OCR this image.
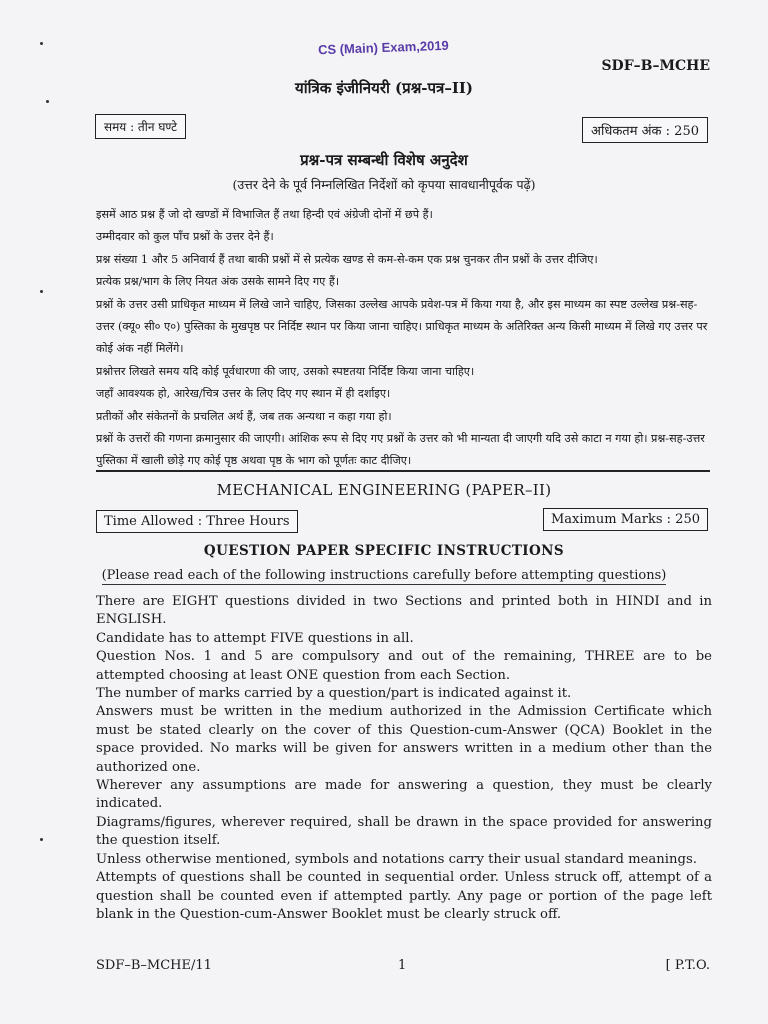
CS (Main) Exam,2019
SDF–B–MCHE
यांत्रिक इंजीनियरी (प्रश्न-पत्र–II)
समय : तीन घण्टे	अधिकतम अंक : 250
प्रश्न-पत्र सम्बन्धी विशेष अनुदेश
(उत्तर देने के पूर्व निम्नलिखित निर्देशों को कृपया सावधानीपूर्वक पढ़ें)

इसमें आठ प्रश्न हैं जो दो खण्डों में विभाजित हैं तथा हिन्दी एवं अंग्रेजी दोनों में छपे हैं।

उम्मीदवार को कुल पाँच प्रश्नों के उत्तर देने हैं।

प्रश्न संख्या 1 और 5 अनिवार्य हैं तथा बाकी प्रश्नों में से प्रत्येक खण्ड से कम-से-कम एक प्रश्न चुनकर तीन प्रश्नों के उत्तर दीजिए।

प्रत्येक प्रश्न/भाग के लिए नियत अंक उसके सामने दिए गए हैं।

प्रश्नों के उत्तर उसी प्राधिकृत माध्यम में लिखे जाने चाहिए, जिसका उल्लेख आपके प्रवेश-पत्र में किया गया है, और इस माध्यम का स्पष्ट उल्लेख प्रश्न-सह-उत्तर (क्यू० सी० ए०) पुस्तिका के मुखपृष्ठ पर निर्दिष्ट स्थान पर किया जाना चाहिए। प्राधिकृत माध्यम के अतिरिक्त अन्य किसी माध्यम में लिखे गए उत्तर पर कोई अंक नहीं मिलेंगे।

प्रश्नोत्तर लिखते समय यदि कोई पूर्वधारणा की जाए, उसको स्पष्टतया निर्दिष्ट किया जाना चाहिए।

जहाँ आवश्यक हो, आरेख/चित्र उत्तर के लिए दिए गए स्थान में ही दर्शाइए।

प्रतीकों और संकेतनों के प्रचलित अर्थ हैं, जब तक अन्यथा न कहा गया हो।

प्रश्नों के उत्तरों की गणना क्रमानुसार की जाएगी। आंशिक रूप से दिए गए प्रश्नों के उत्तर को भी मान्यता दी जाएगी यदि उसे काटा न गया हो। प्रश्न-सह-उत्तर पुस्तिका में खाली छोड़े गए कोई पृष्ठ अथवा पृष्ठ के भाग को पूर्णतः काट दीजिए।

MECHANICAL ENGINEERING (PAPER–II)
Time Allowed : Three Hours	Maximum Marks : 250
QUESTION PAPER SPECIFIC INSTRUCTIONS
(Please read each of the following instructions carefully before attempting questions)

There are EIGHT questions divided in two Sections and printed both in HINDI and in ENGLISH.

Candidate has to attempt FIVE questions in all.

Question Nos. 1 and 5 are compulsory and out of the remaining, THREE are to be attempted choosing at least ONE question from each Section.

The number of marks carried by a question/part is indicated against it.

Answers must be written in the medium authorized in the Admission Certificate which must be stated clearly on the cover of this Question-cum-Answer (QCA) Booklet in the space provided. No marks will be given for answers written in a medium other than the authorized one.

Wherever any assumptions are made for answering a question, they must be clearly indicated.

Diagrams/figures, wherever required, shall be drawn in the space provided for answering the question itself.

Unless otherwise mentioned, symbols and notations carry their usual standard meanings.

Attempts of questions shall be counted in sequential order. Unless struck off, attempt of a question shall be counted even if attempted partly. Any page or portion of the page left blank in the Question-cum-Answer Booklet must be clearly struck off.

SDF–B–MCHE/11	1	[ P.T.O.
